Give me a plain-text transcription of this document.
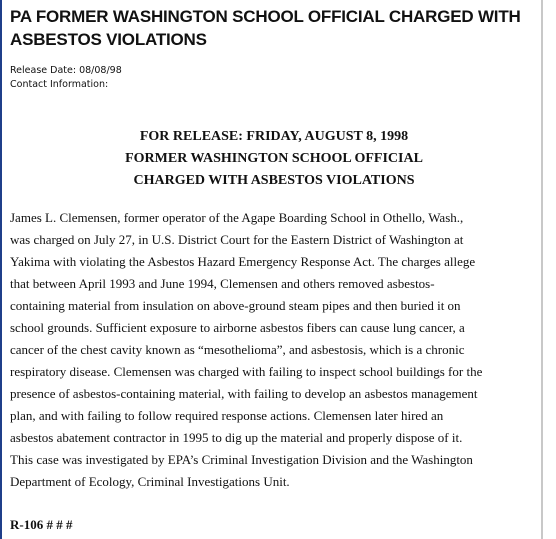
PA FORMER WASHINGTON SCHOOL OFFICIAL CHARGED WITH
ASBESTOS VIOLATIONS
Release Date: 08/08/98
Contact Information:
FOR RELEASE: FRIDAY, AUGUST 8, 1998
FORMER WASHINGTON SCHOOL OFFICIAL
CHARGED WITH ASBESTOS VIOLATIONS
James L. Clemensen, former operator of the Agape Boarding School in Othello, Wash.,
was charged on July 27, in U.S. District Court for the Eastern District of Washington at
Yakima with violating the Asbestos Hazard Emergency Response Act. The charges allege
that between April 1993 and June 1994, Clemensen and others removed asbestos-
containing material from insulation on above-ground steam pipes and then buried it on
school grounds. Sufficient exposure to airborne asbestos fibers can cause lung cancer, a
cancer of the chest cavity known as “mesothelioma”, and asbestosis, which is a chronic
respiratory disease. Clemensen was charged with failing to inspect school buildings for the
presence of asbestos-containing material, with failing to develop an asbestos management
plan, and with failing to follow required response actions. Clemensen later hired an
asbestos abatement contractor in 1995 to dig up the material and properly dispose of it.
This case was investigated by EPA’s Criminal Investigation Division and the Washington
Department of Ecology, Criminal Investigations Unit.
R-106 # # #
